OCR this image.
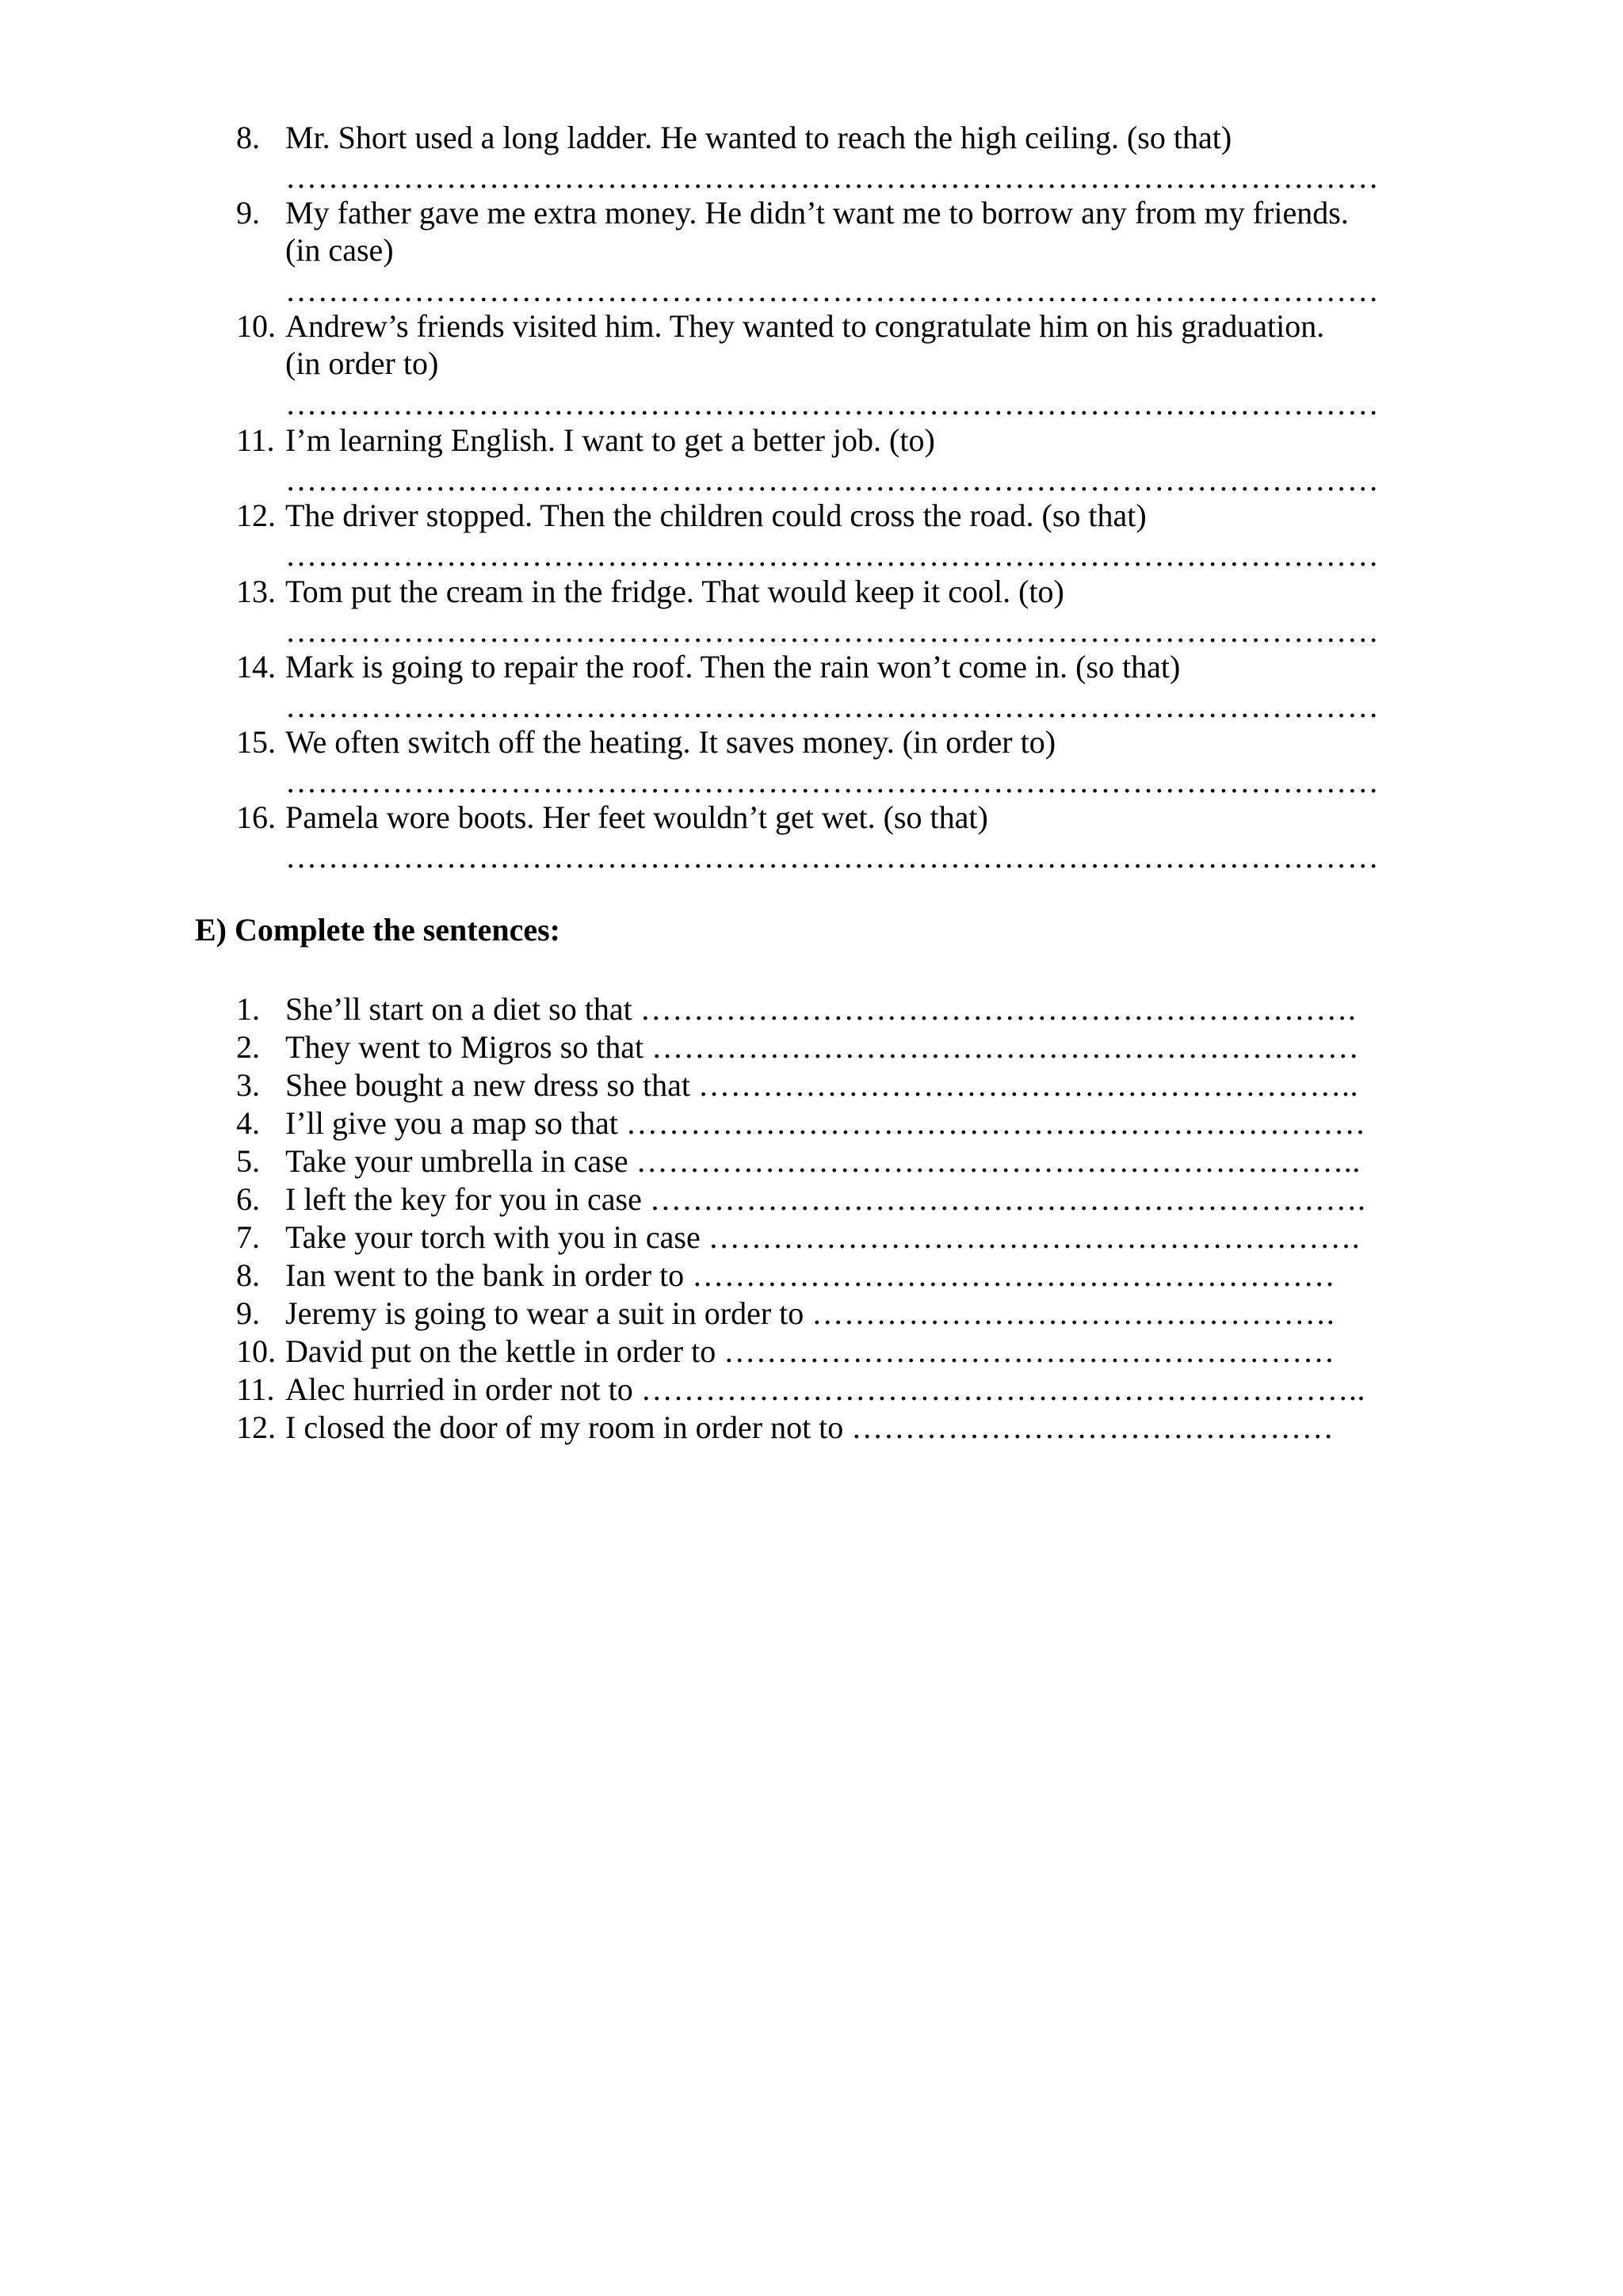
8. Mr. Short used a long ladder. He wanted to reach the high ceiling. (so that)
…………………………………………………………………………………………
9. My father gave me extra money. He didn’t want me to borrow any from my friends.
(in case)
…………………………………………………………………………………………
10. Andrew’s friends visited him. They wanted to congratulate him on his graduation.
(in order to)
…………………………………………………………………………………………
11. I’m learning English. I want to get a better job. (to)
…………………………………………………………………………………………
12. The driver stopped. Then the children could cross the road. (so that)
…………………………………………………………………………………………
13. Tom put the cream in the fridge. That would keep it cool. (to)
…………………………………………………………………………………………
14. Mark is going to repair the roof. Then the rain won’t come in. (so that)
…………………………………………………………………………………………
15. We often switch off the heating. It saves money. (in order to)
…………………………………………………………………………………………
16. Pamela wore boots. Her feet wouldn’t get wet. (so that)
…………………………………………………………………………………………
E) Complete the sentences:
1. She’ll start on a diet so that ………………………………………………………….
2. They went to Migros so that …………………………………………………………
3. Shee bought a new dress so that ……………………………………………………..
4. I’ll give you a map so that ……………………………………………………………
5. Take your umbrella in case …………………………………………………………..
6. I left the key for you in case ………………………………………………………….
7. Take your torch with you in case …………………………………………………….
8. Ian went to the bank in order to ……………………………………………………
9. Jeremy is going to wear a suit in order to ………………………………………….
10. David put on the kettle in order to …………………………………………………
11. Alec hurried in order not to …………………………………………………………..
12. I closed the door of my room in order not to ………………………………………
